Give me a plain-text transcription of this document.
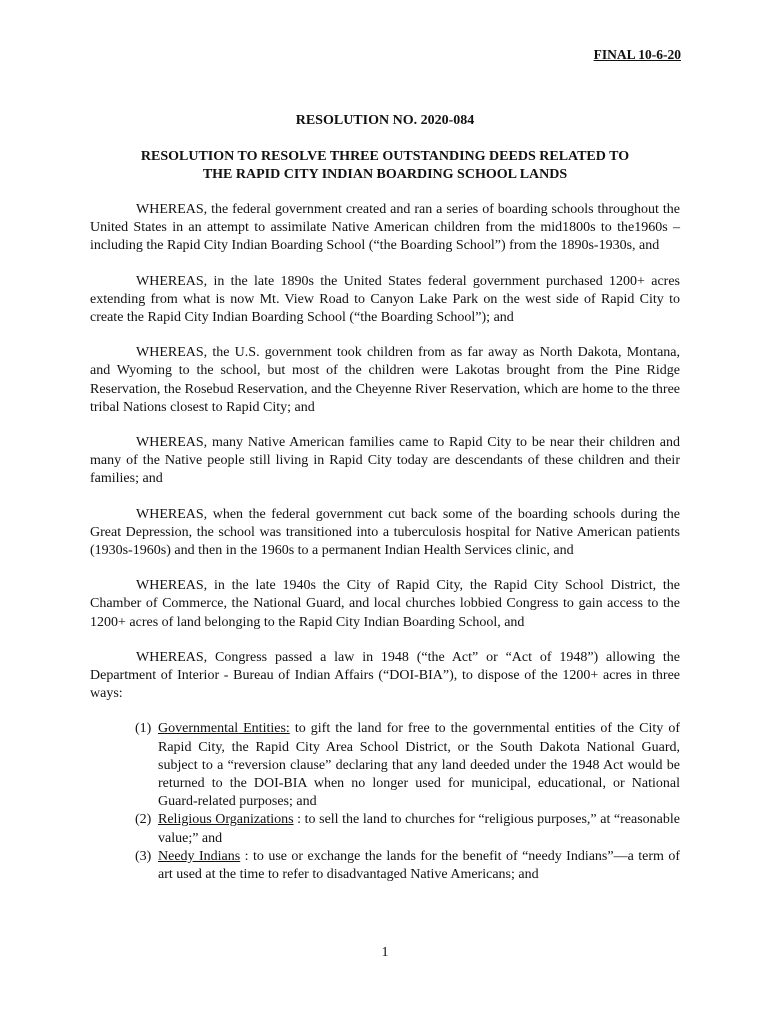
FINAL 10-6-20
RESOLUTION NO. 2020-084
RESOLUTION TO RESOLVE THREE OUTSTANDING DEEDS RELATED TO
THE RAPID CITY INDIAN BOARDING SCHOOL LANDS

WHEREAS, the federal government created and ran a series of boarding schools throughout the United States in an attempt to assimilate Native American children from the mid1800s to the1960s – including the Rapid City Indian Boarding School (“the Boarding School”) from the 1890s-1930s, and

WHEREAS, in the late 1890s the United States federal government purchased 1200+ acres extending from what is now Mt. View Road to Canyon Lake Park on the west side of Rapid City to create the Rapid City Indian Boarding School (“the Boarding School”); and

WHEREAS, the U.S. government took children from as far away as North Dakota, Montana, and Wyoming to the school, but most of the children were Lakotas brought from the Pine Ridge Reservation, the Rosebud Reservation, and the Cheyenne River Reservation, which are home to the three tribal Nations closest to Rapid City; and

WHEREAS, many Native American families came to Rapid City to be near their children and many of the Native people still living in Rapid City today are descendants of these children and their families; and

WHEREAS, when the federal government cut back some of the boarding schools during the Great Depression, the school was transitioned into a tuberculosis hospital for Native American patients (1930s-1960s) and then in the 1960s to a permanent Indian Health Services clinic, and

WHEREAS, in the late 1940s the City of Rapid City, the Rapid City School District, the Chamber of Commerce, the National Guard, and local churches lobbied Congress to gain access to the 1200+ acres of land belonging to the Rapid City Indian Boarding School, and

WHEREAS, Congress passed a law in 1948 (“the Act” or “Act of 1948”) allowing the Department of Interior - Bureau of Indian Affairs (“DOI-BIA”), to dispose of the 1200+ acres in three ways:

(1) Governmental Entities: to gift the land for free to the governmental entities of the City of Rapid City, the Rapid City Area School District, or the South Dakota National Guard, subject to a “reversion clause” declaring that any land deeded under the 1948 Act would be returned to the DOI-BIA when no longer used for municipal, educational, or National Guard-related purposes; and
(2) Religious Organizations : to sell the land to churches for “religious purposes,” at “reasonable value;” and
(3) Needy Indians : to use or exchange the lands for the benefit of “needy Indians”—a term of art used at the time to refer to disadvantaged Native Americans; and
1
